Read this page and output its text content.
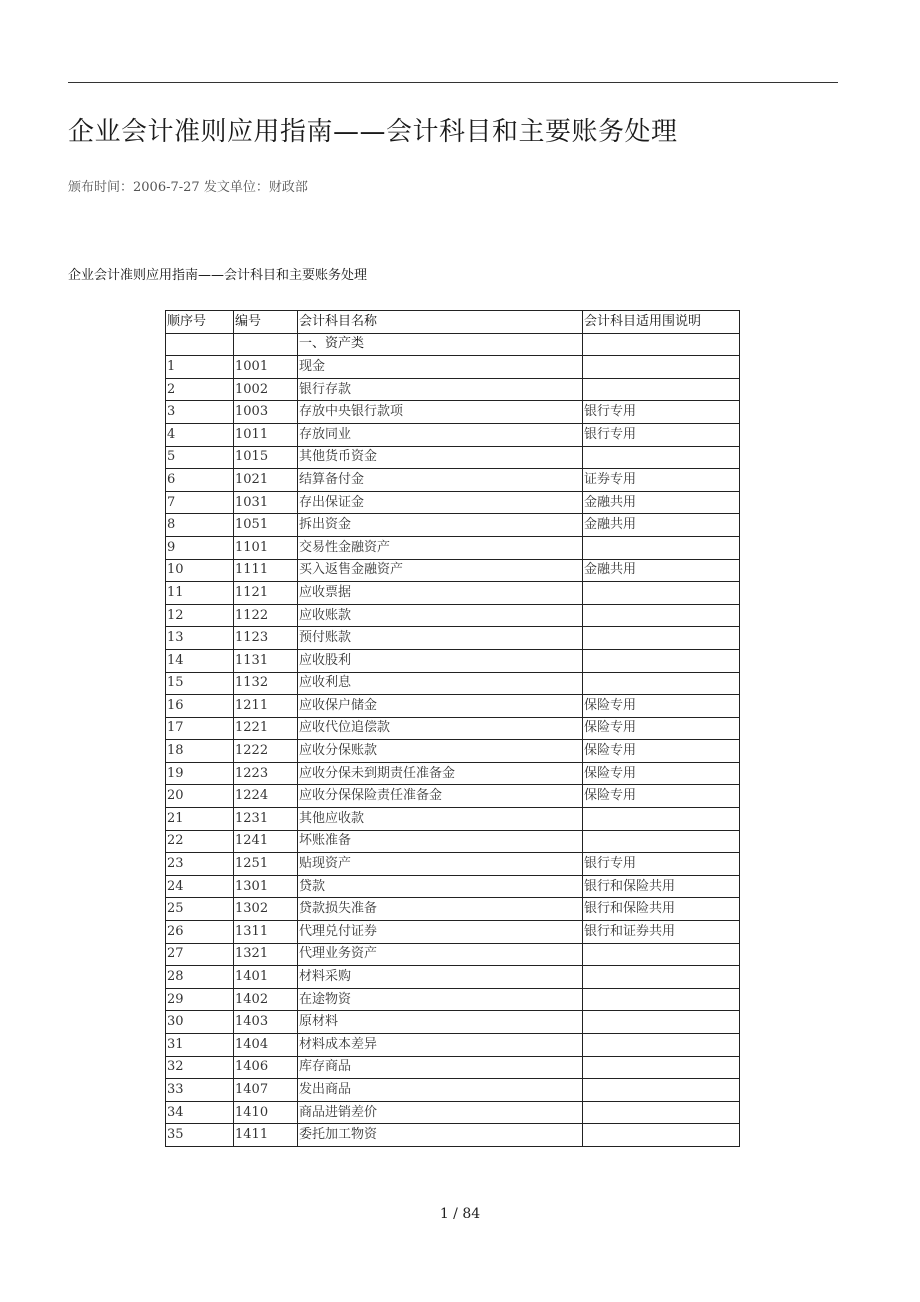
企业会计准则应用指南——会计科目和主要账务处理
颁布时间：2006-7-27 发文单位：财政部
企业会计准则应用指南——会计科目和主要账务处理
顺序号	编号	会计科目名称	会计科目适用围说明
		一、资产类	
1	1001	现金	
2	1002	银行存款	
3	1003	存放中央银行款项	银行专用
4	1011	存放同业	银行专用
5	1015	其他货币资金	
6	1021	结算备付金	证券专用
7	1031	存出保证金	金融共用
8	1051	拆出资金	金融共用
9	1101	交易性金融资产	
10	1111	买入返售金融资产	金融共用
11	1121	应收票据	
12	1122	应收账款	
13	1123	预付账款	
14	1131	应收股利	
15	1132	应收利息	
16	1211	应收保户储金	保险专用
17	1221	应收代位追偿款	保险专用
18	1222	应收分保账款	保险专用
19	1223	应收分保未到期责任准备金	保险专用
20	1224	应收分保保险责任准备金	保险专用
21	1231	其他应收款	
22	1241	坏账准备	
23	1251	贴现资产	银行专用
24	1301	贷款	银行和保险共用
25	1302	贷款损失准备	银行和保险共用
26	1311	代理兑付证券	银行和证券共用
27	1321	代理业务资产	
28	1401	材料采购	
29	1402	在途物资	
30	1403	原材料	
31	1404	材料成本差异	
32	1406	库存商品	
33	1407	发出商品	
34	1410	商品进销差价	
35	1411	委托加工物资	
1 / 84
